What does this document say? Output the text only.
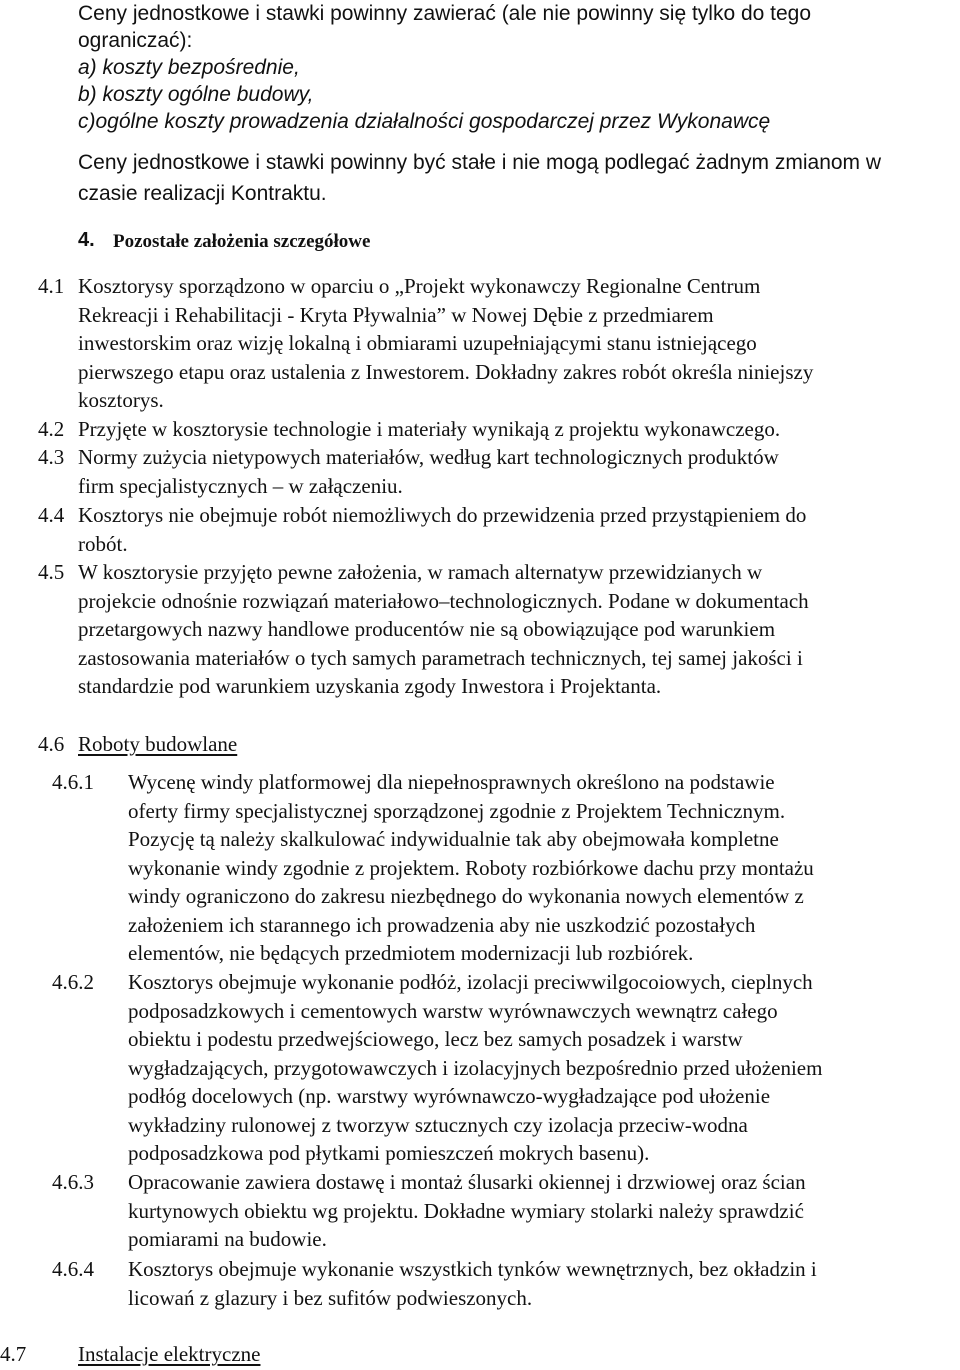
Ceny jednostkowe i stawki powinny zawierać (ale nie powinny się tylko do tego
ograniczać):
a) koszty bezpośrednie,
b) koszty ogólne budowy,
c)ogólne koszty prowadzenia działalności gospodarczej przez Wykonawcę
Ceny jednostkowe i stawki powinny być stałe i nie mogą podlegać żadnym zmianom w
czasie realizacji Kontraktu.
4. Pozostałe założenia szczegółowe
4.1 Kosztorysy sporządzono w oparciu o „Projekt wykonawczy Regionalne Centrum
Rekreacji i Rehabilitacji - Kryta Pływalnia” w Nowej Dębie z przedmiarem
inwestorskim oraz wizję lokalną i obmiarami uzupełniającymi stanu istniejącego
pierwszego etapu oraz ustalenia z Inwestorem. Dokładny zakres robót określa niniejszy
kosztorys.
4.2 Przyjęte w kosztorysie technologie i materiały wynikają z projektu wykonawczego.
4.3 Normy zużycia nietypowych materiałów, według kart technologicznych produktów
firm specjalistycznych – w załączeniu.
4.4 Kosztorys nie obejmuje robót niemożliwych do przewidzenia przed przystąpieniem do
robót.
4.5 W kosztorysie przyjęto pewne założenia, w ramach alternatyw przewidzianych w
projekcie odnośnie rozwiązań materiałowo–technologicznych. Podane w dokumentach
przetargowych nazwy handlowe producentów nie są obowiązujące pod warunkiem
zastosowania materiałów o tych samych parametrach technicznych, tej samej jakości i
standardzie pod warunkiem uzyskania zgody Inwestora i Projektanta.
4.6 Roboty budowlane
4.6.1 Wycenę windy platformowej dla niepełnosprawnych określono na podstawie
oferty firmy specjalistycznej sporządzonej zgodnie z Projektem Technicznym.
Pozycję tą należy skalkulować indywidualnie tak aby obejmowała kompletne
wykonanie windy zgodnie z projektem. Roboty rozbiórkowe dachu przy montażu
windy ograniczono do zakresu niezbędnego do wykonania nowych elementów z
założeniem ich starannego ich prowadzenia aby nie uszkodzić pozostałych
elementów, nie będących przedmiotem modernizacji lub rozbiórek.
4.6.2 Kosztorys obejmuje wykonanie podłóż, izolacji preciwwilgocoiowych, cieplnych
podposadzkowych i cementowych warstw wyrównawczych wewnątrz całego
obiektu i podestu przedwejściowego, lecz bez samych posadzek i warstw
wygładzających, przygotowawczych i izolacyjnych bezpośrednio przed ułożeniem
podłóg docelowych (np. warstwy wyrównawczo-wygładzające pod ułożenie
wykładziny rulonowej z tworzyw sztucznych czy izolacja przeciw-wodna
podposadzkowa pod płytkami pomieszczeń mokrych basenu).
4.6.3 Opracowanie zawiera dostawę i montaż ślusarki okiennej i drzwiowej oraz ścian
kurtynowych obiektu wg projektu. Dokładne wymiary stolarki należy sprawdzić
pomiarami na budowie.
4.6.4 Kosztorys obejmuje wykonanie wszystkich tynków wewnętrznych, bez okładzin i
licowań z glazury i bez sufitów podwieszonych.
4.7 Instalacje elektryczne
